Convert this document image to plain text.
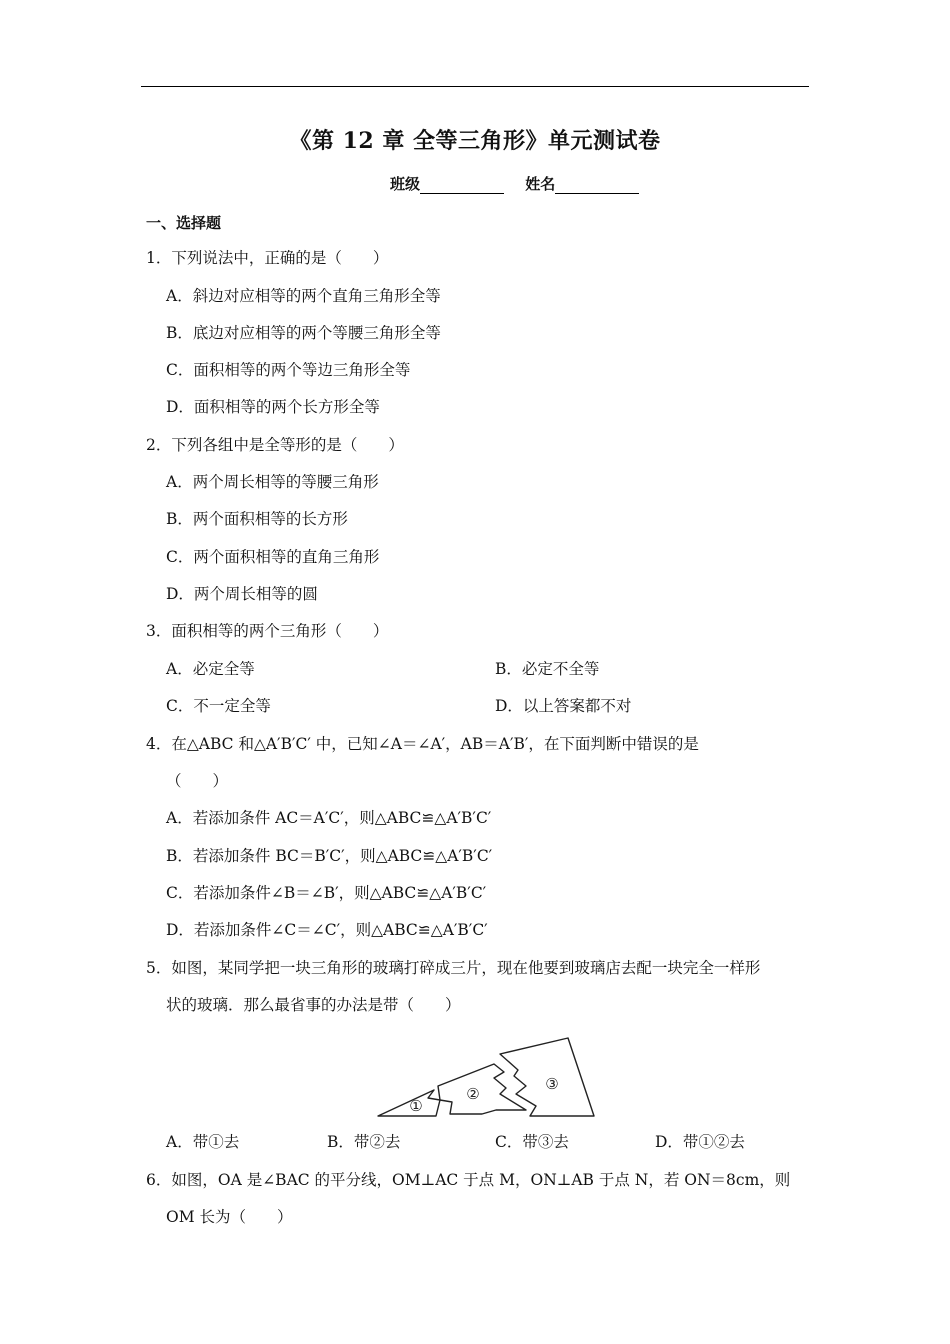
《第 12 章 全等三角形》单元测试卷
班级	姓名
一、选择题
1．下列说法中，正确的是（　　）
A．斜边对应相等的两个直角三角形全等
B．底边对应相等的两个等腰三角形全等
C．面积相等的两个等边三角形全等
D．面积相等的两个长方形全等
2．下列各组中是全等形的是（　　）
A．两个周长相等的等腰三角形
B．两个面积相等的长方形
C．两个面积相等的直角三角形
D．两个周长相等的圆
3．面积相等的两个三角形（　　）
A．必定全等	B．必定不全等
C．不一定全等	D．以上答案都不对
4．在△ABC 和△A′B′C′ 中，已知∠A＝∠A′，AB＝A′B′，在下面判断中错误的是
（　　）
A．若添加条件 AC＝A′C′，则△ABC≌△A′B′C′
B．若添加条件 BC＝B′C′，则△ABC≌△A′B′C′
C．若添加条件∠B＝∠B′，则△ABC≌△A′B′C′
D．若添加条件∠C＝∠C′，则△ABC≌△A′B′C′
5．如图，某同学把一块三角形的玻璃打碎成三片，现在他要到玻璃店去配一块完全一样形
状的玻璃．那么最省事的办法是带（　　）
①
②
③
A．带①去	B．带②去	C．带③去	D．带①②去
6．如图，OA 是∠BAC 的平分线，OM⊥AC 于点 M，ON⊥AB 于点 N，若 ON＝8cm，则
OM 长为（　　）
